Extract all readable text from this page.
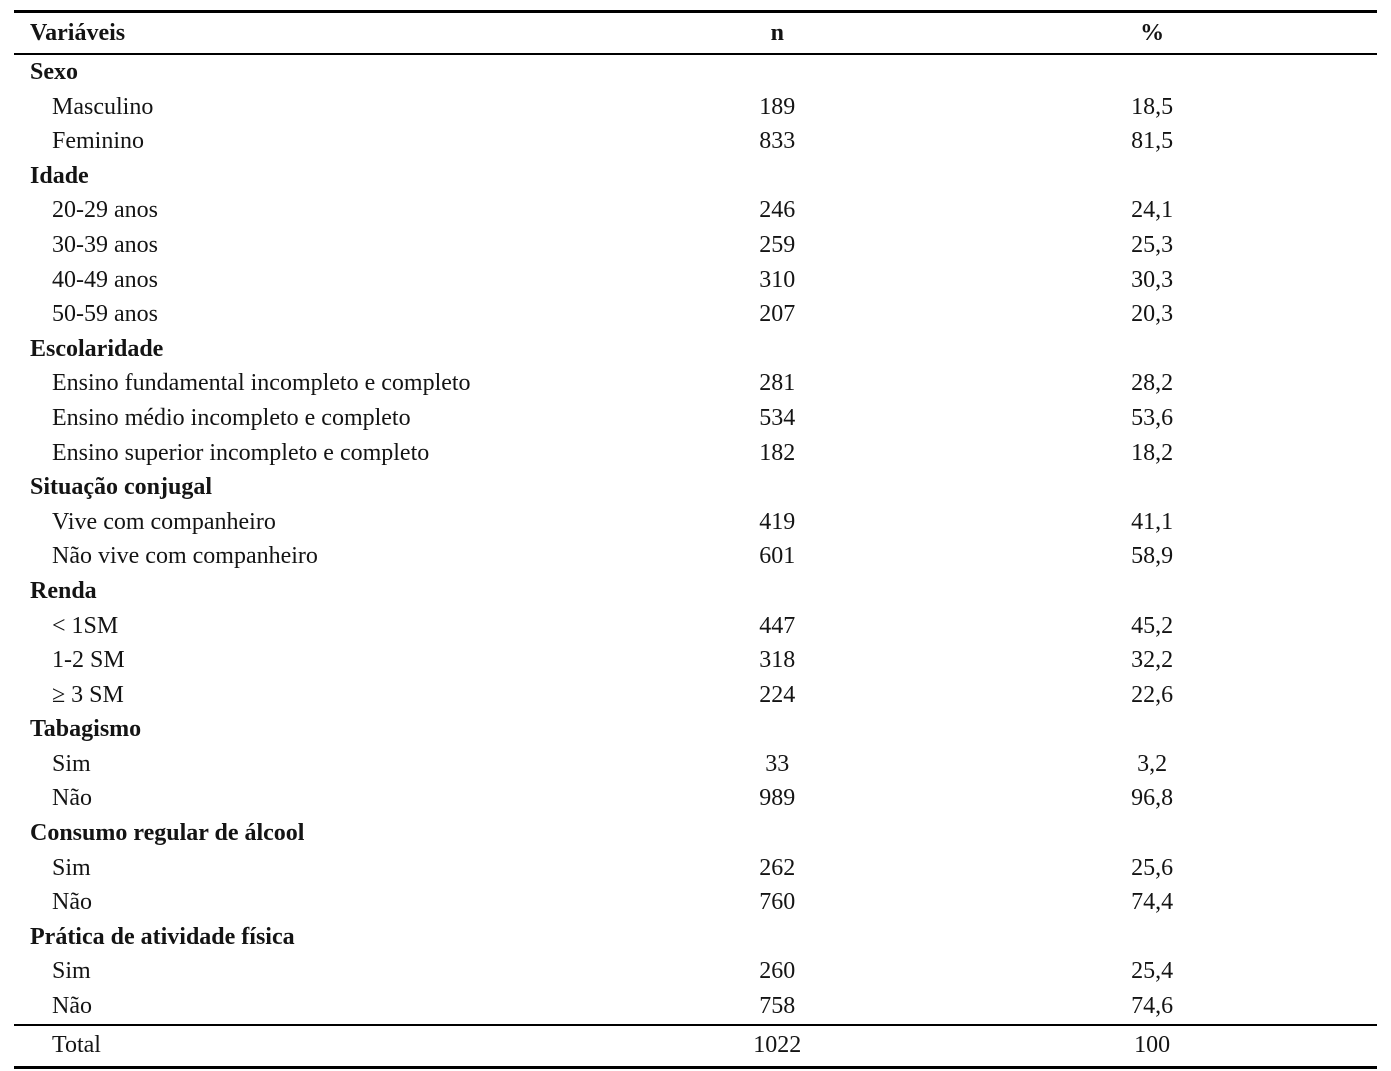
Variáveis	n	%
Sexo		
Masculino	189	18,5
Feminino	833	81,5
Idade		
20-29 anos	246	24,1
30-39 anos	259	25,3
40-49 anos	310	30,3
50-59 anos	207	20,3
Escolaridade		
Ensino fundamental incompleto e completo	281	28,2
Ensino médio incompleto e completo	534	53,6
Ensino superior incompleto e completo	182	18,2
Situação conjugal		
Vive com companheiro	419	41,1
Não vive com companheiro	601	58,9
Renda		
< 1SM	447	45,2
1-2 SM	318	32,2
≥ 3 SM	224	22,6
Tabagismo		
Sim	33	3,2
Não	989	96,8
Consumo regular de álcool		
Sim	262	25,6
Não	760	74,4
Prática de atividade física		
Sim	260	25,4
Não	758	74,6
Total	1022	100
